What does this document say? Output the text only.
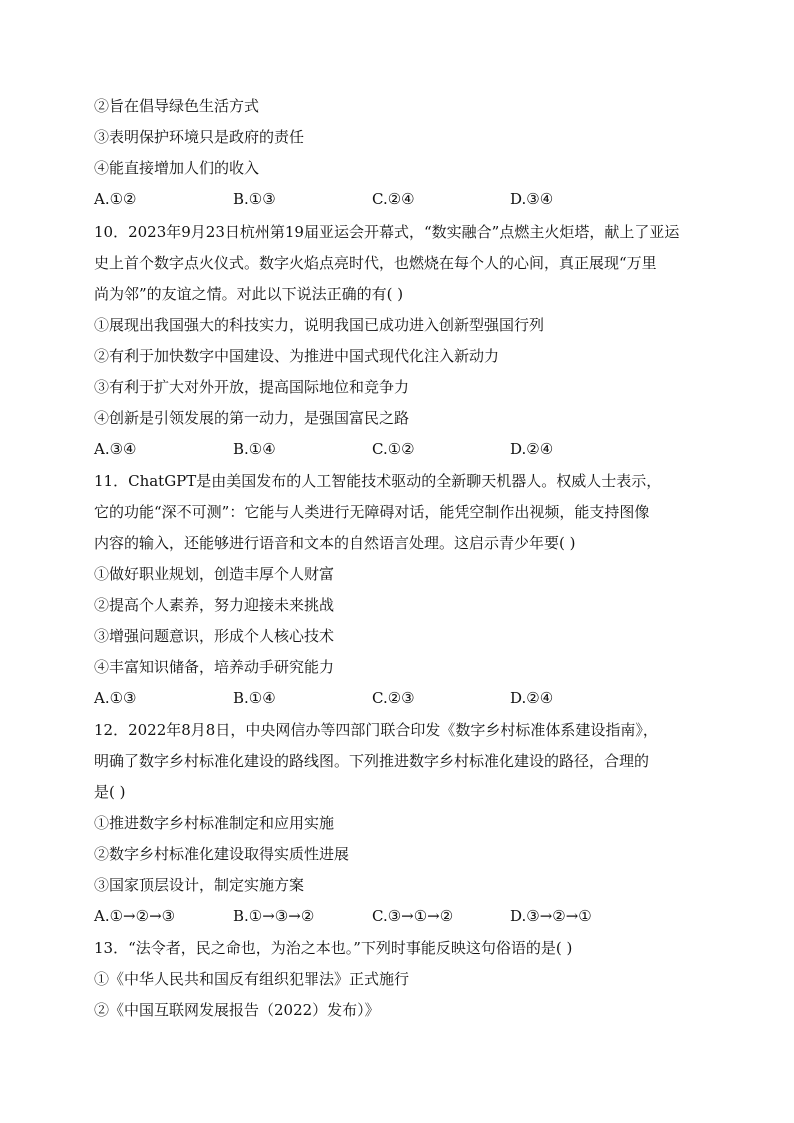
②旨在倡导绿色生活方式
③表明保护环境只是政府的责任
④能直接增加人们的收入
A.①②	B.①③	C.②④	D.③④
10．2023年9月23日杭州第19届亚运会开幕式，“数实融合”点燃主火炬塔，献上了亚运
史上首个数字点火仪式。数字火焰点亮时代，也燃烧在每个人的心间，真正展现“万里
尚为邻”的友谊之情。对此以下说法正确的有( )
①展现出我国强大的科技实力，说明我国已成功进入创新型强国行列
②有利于加快数字中国建设、为推进中国式现代化注入新动力
③有利于扩大对外开放，提高国际地位和竞争力
④创新是引领发展的第一动力，是强国富民之路
A.③④	B.①④	C.①②	D.②④
11．ChatGPT是由美国发布的人工智能技术驱动的全新聊天机器人。权威人士表示，
它的功能“深不可测”：它能与人类进行无障碍对话，能凭空制作出视频，能支持图像
内容的输入，还能够进行语音和文本的自然语言处理。这启示青少年要( )
①做好职业规划，创造丰厚个人财富
②提高个人素养，努力迎接未来挑战
③增强问题意识，形成个人核心技术
④丰富知识储备，培养动手研究能力
A.①③	B.①④	C.②③	D.②④
12．2022年8月8日，中央网信办等四部门联合印发《数字乡村标准体系建设指南》，
明确了数字乡村标准化建设的路线图。下列推进数字乡村标准化建设的路径，合理的
是( )
①推进数字乡村标准制定和应用实施
②数字乡村标准化建设取得实质性进展
③国家顶层设计，制定实施方案
A.①→②→③	B.①→③→②	C.③→①→②	D.③→②→①
13．“法令者，民之命也，为治之本也。”下列时事能反映这句俗语的是( )
①《中华人民共和国反有组织犯罪法》正式施行
②《中国互联网发展报告（2022）发布）》
